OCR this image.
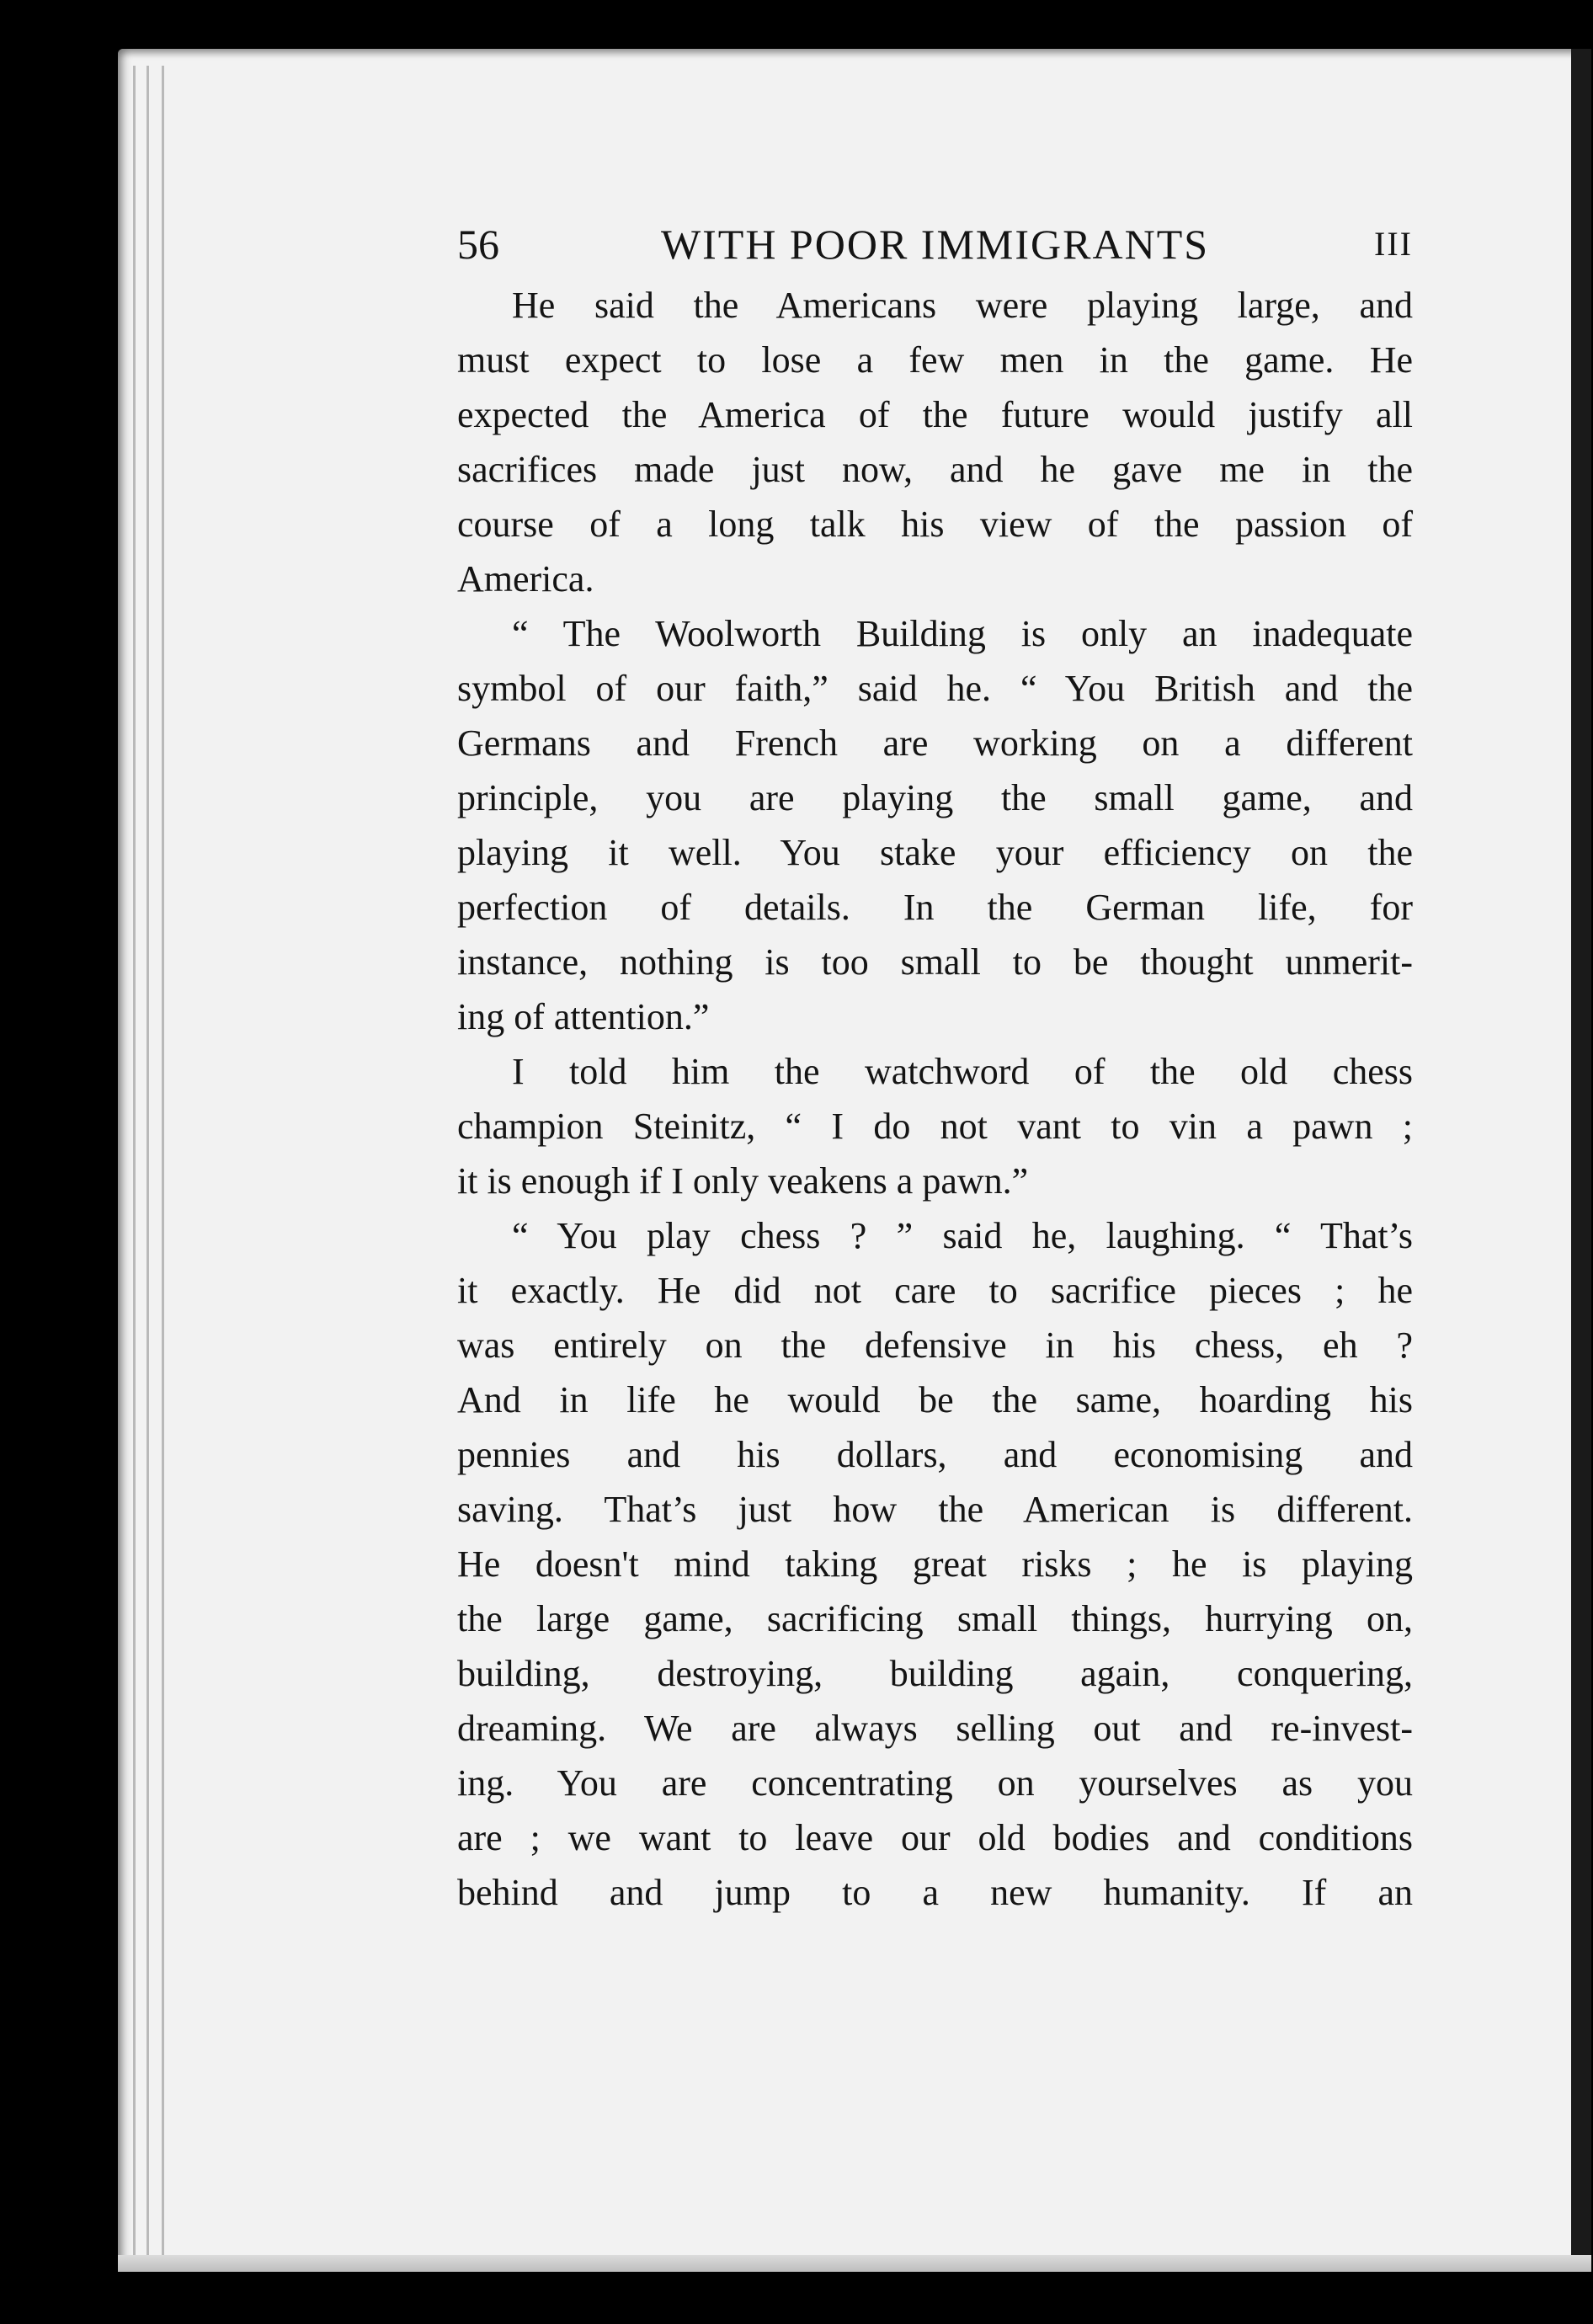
56	WITH POOR IMMIGRANTS	III
He said the Americans were playing large, and
must expect to lose a few men in the game. He
expected the America of the future would justify all
sacrifices made just now, and he gave me in the
course of a long talk his view of the passion of
America.
“ The Woolworth Building is only an inadequate
symbol of our faith,” said he. “ You British and the
Germans and French are working on a different
principle, you are playing the small game, and
playing it well. You stake your efficiency on the
perfection of details. In the German life, for
instance, nothing is too small to be thought unmerit-
ing of attention.”
I told him the watchword of the old chess
champion Steinitz, “ I do not vant to vin a pawn ;
it is enough if I only veakens a pawn.”
“ You play chess ? ” said he, laughing. “ That’s
it exactly. He did not care to sacrifice pieces ; he
was entirely on the defensive in his chess, eh ?
And in life he would be the same, hoarding his
pennies and his dollars, and economising and
saving. That’s just how the American is different.
He doesn't mind taking great risks ; he is playing
the large game, sacrificing small things, hurrying on,
building, destroying, building again, conquering,
dreaming. We are always selling out and re-invest-
ing. You are concentrating on yourselves as you
are ; we want to leave our old bodies and conditions
behind and jump to a new humanity. If an
